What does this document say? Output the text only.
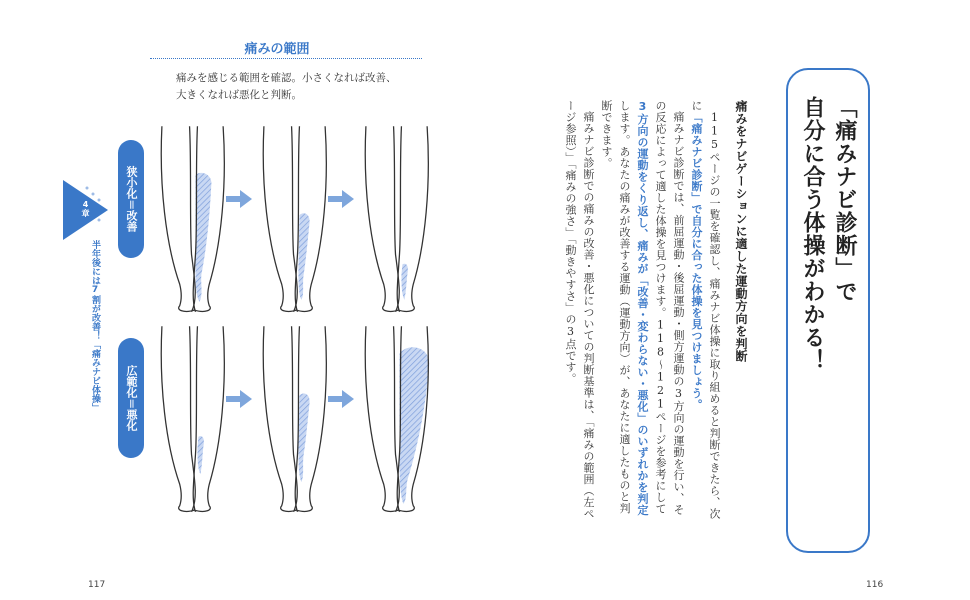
痛みの範囲
痛みを感じる範囲を確認。小さくなれば改善、
大きくなれば悪化と判断。
狭小化＝改善
広範化＝悪化
4章
半年後には7割が改善！「痛みナビ体操」
117
「痛みナビ診断」で
自分に合う体操がわかる！
痛みをナビゲーションに適した運動方向を判断

115ページの一覧を確認し、痛みナビ体操に取り組めると判断できたら、次に「痛みナビ診断」で自分に合った体操を見つけましょう。

痛みナビ診断では、前屈運動・後屈運動・側方運動の3方向の運動を行い、その反応によって適した体操を見つけます。118〜121ページを参考にして3方向の運動をくり返し、痛みが「改善・変わらない・悪化」のいずれかを判定します。あなたの痛みが改善する運動（運動方向）が、あなたに適したものと判断できます。

痛みナビ診断での痛みの改善・悪化についての判断基準は、「痛みの範囲（左ページ参照）」「痛みの強さ」「動きやすさ」の3点です。

116
